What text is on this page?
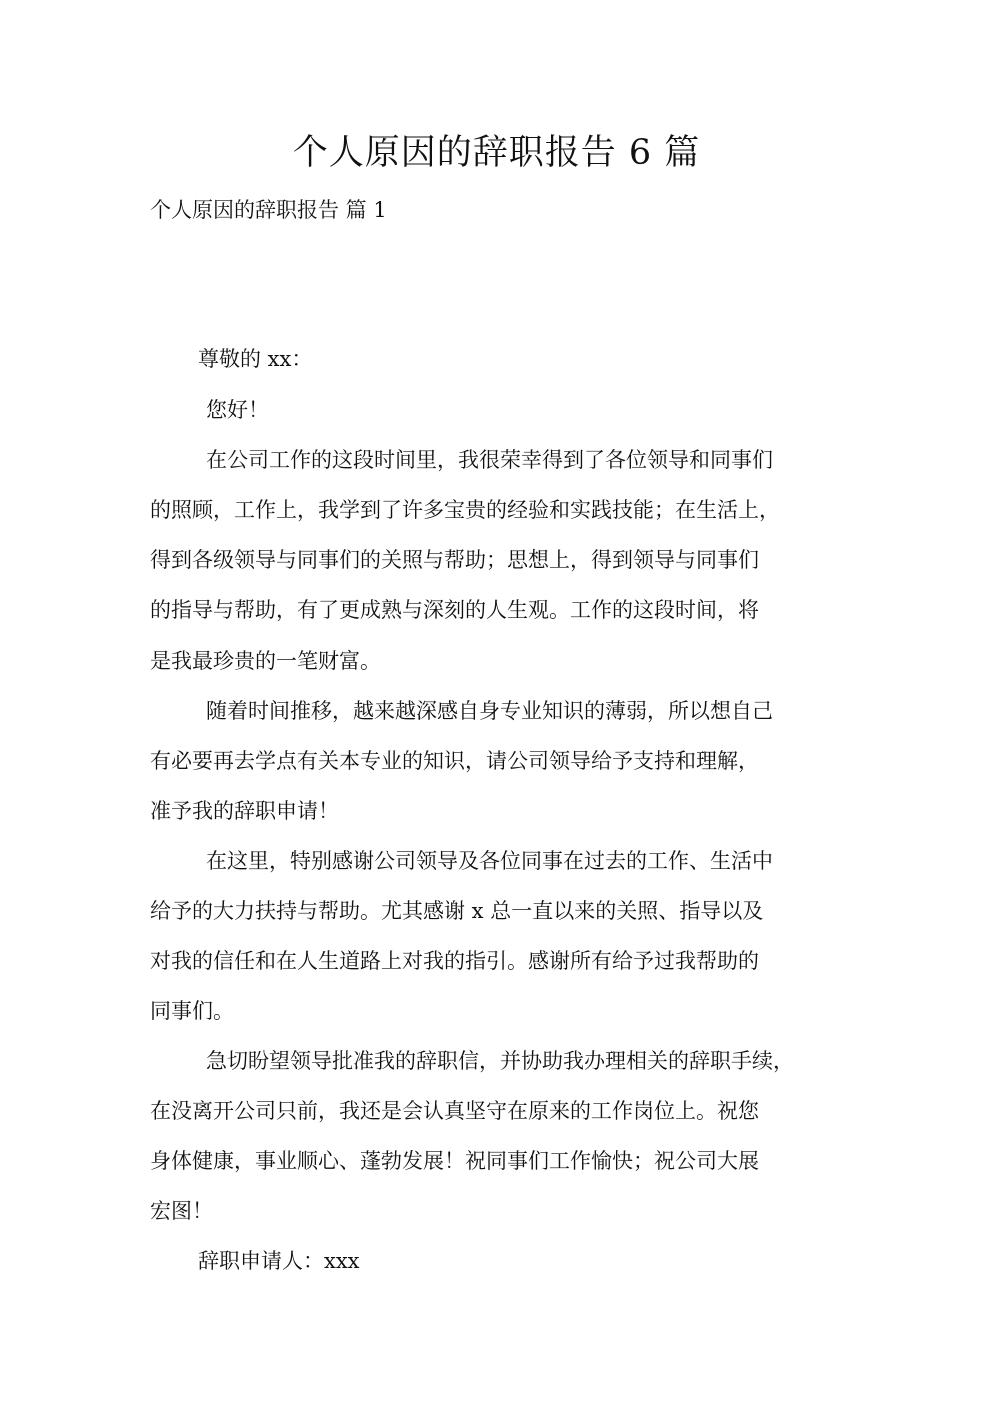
个人原因的辞职报告 6 篇
个人原因的辞职报告 篇 1
尊敬的 xx：
您好！
在公司工作的这段时间里，我很荣幸得到了各位领导和同事们
的照顾，工作上，我学到了许多宝贵的经验和实践技能；在生活上，
得到各级领导与同事们的关照与帮助；思想上，得到领导与同事们
的指导与帮助，有了更成熟与深刻的人生观。工作的这段时间，将
是我最珍贵的一笔财富。
随着时间推移，越来越深感自身专业知识的薄弱，所以想自己
有必要再去学点有关本专业的知识，请公司领导给予支持和理解，
准予我的辞职申请！
在这里，特别感谢公司领导及各位同事在过去的工作、生活中
给予的大力扶持与帮助。尤其感谢 x 总一直以来的关照、指导以及
对我的信任和在人生道路上对我的指引。感谢所有给予过我帮助的
同事们。
急切盼望领导批准我的辞职信，并协助我办理相关的辞职手续，
在没离开公司只前，我还是会认真坚守在原来的工作岗位上。祝您
身体健康，事业顺心、蓬勃发展！祝同事们工作愉快；祝公司大展
宏图！
辞职申请人：xxx
